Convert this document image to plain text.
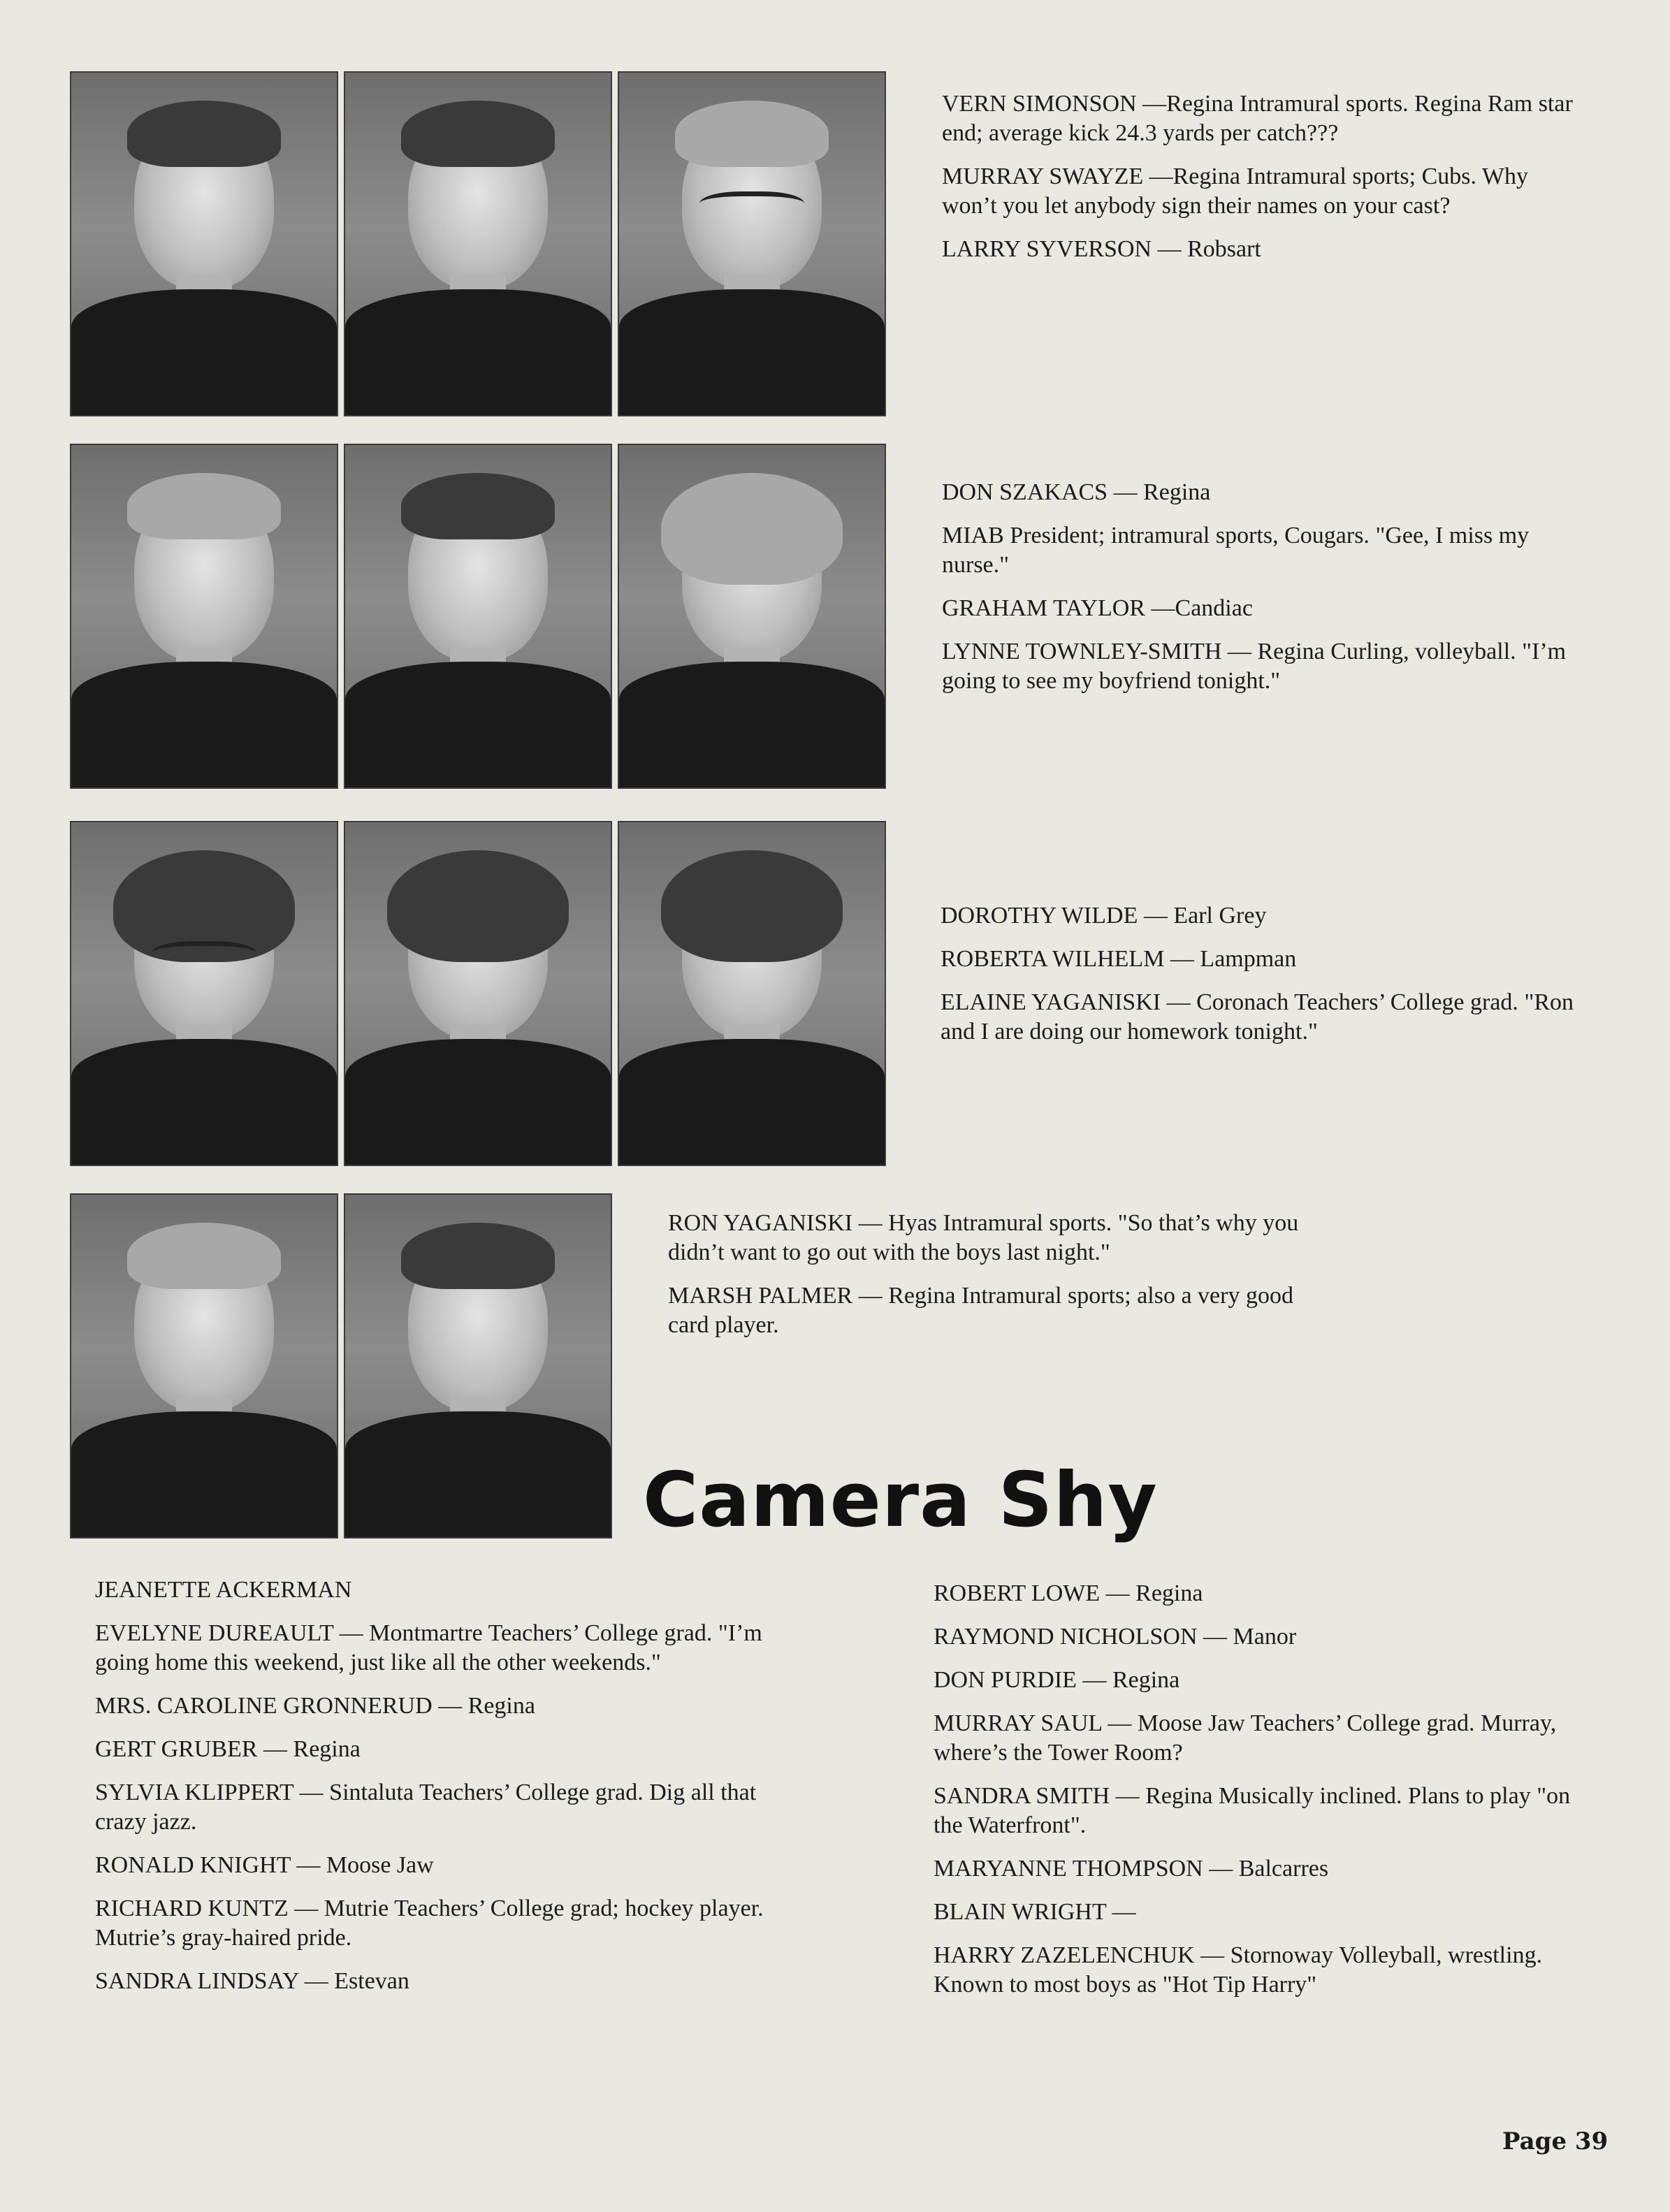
VERN SIMONSON —Regina Intramural sports. Regina Ram star end; average kick 24.3 yards per catch???
MURRAY SWAYZE —Regina Intramural sports; Cubs. Why won’t you let anybody sign their names on your cast?
LARRY SYVERSON — Robsart
DON SZAKACS — Regina
MIAB President; intramural sports, Cougars. "Gee, I miss my nurse."
GRAHAM TAYLOR —Candiac
LYNNE TOWNLEY-SMITH — Regina Curling, volleyball. "I’m going to see my boyfriend tonight."
DOROTHY WILDE — Earl Grey
ROBERTA WILHELM — Lampman
ELAINE YAGANISKI — Coronach Teachers’ College grad. "Ron and I are doing our homework tonight."
RON YAGANISKI — Hyas Intramural sports. "So that’s why you didn’t want to go out with the boys last night."
MARSH PALMER — Regina Intramural sports; also a very good card player.
Camera Shy
JEANETTE ACKERMAN
EVELYNE DUREAULT — Montmartre Teachers’ College grad. "I’m going home this weekend, just like all the other weekends."
MRS. CAROLINE GRONNERUD — Regina
GERT GRUBER — Regina
SYLVIA KLIPPERT — Sintaluta Teachers’ College grad. Dig all that crazy jazz.
RONALD KNIGHT — Moose Jaw
RICHARD KUNTZ — Mutrie Teachers’ College grad; hockey player. Mutrie’s gray-haired pride.
SANDRA LINDSAY — Estevan
ROBERT LOWE — Regina
RAYMOND NICHOLSON — Manor
DON PURDIE — Regina
MURRAY SAUL — Moose Jaw Teachers’ College grad. Murray, where’s the Tower Room?
SANDRA SMITH — Regina Musically inclined. Plans to play "on the Waterfront".
MARYANNE THOMPSON — Balcarres
BLAIN WRIGHT —
HARRY ZAZELENCHUK — Stornoway Volleyball, wrestling. Known to most boys as "Hot Tip Harry"
Page 39
